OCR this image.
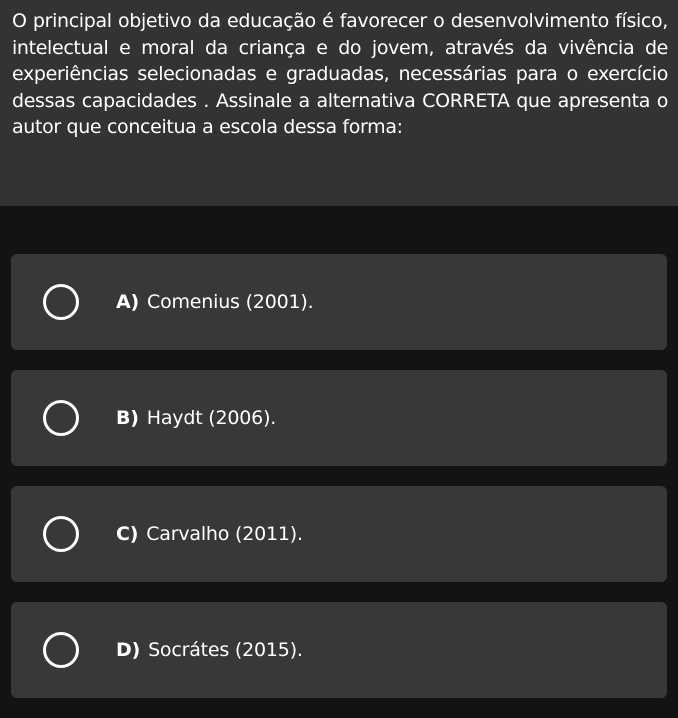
O principal objetivo da educação é favorecer o desenvolvimento físico, intelectual e moral da criança e do jovem, através da vivência de experiências selecionadas e graduadas, necessárias para o exercício dessas capacidades . Assinale a alternativa CORRETA que apresenta o autor que conceitua a escola dessa forma:

A) Comenius (2001).
B) Haydt (2006).
C) Carvalho (2011).
D) Socrátes (2015).
